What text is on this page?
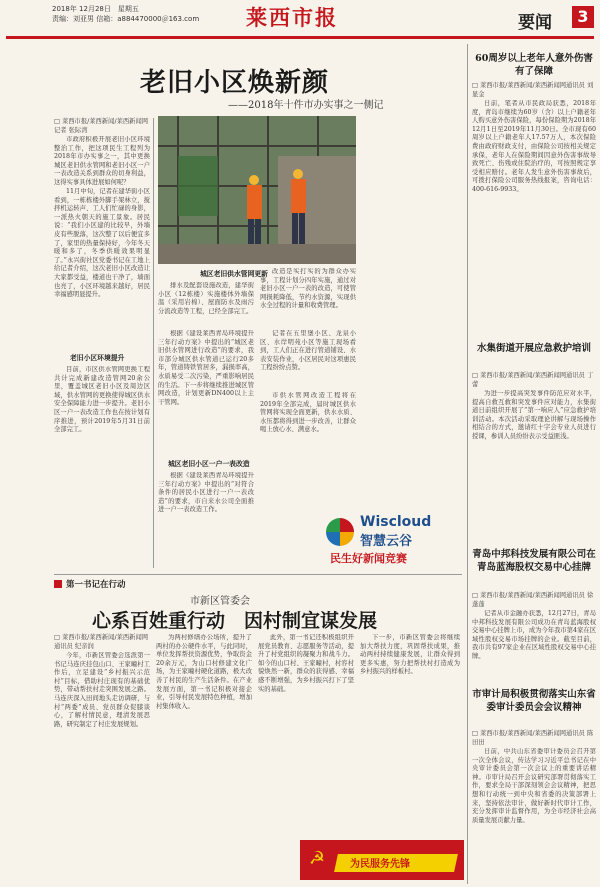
2018年 12月28日　星期五
责编：刘亚男 信箱：a884470000＠163.com 莱西市报	要闻	3
老旧小区焕新颜
——2018年十件市办实事之一侧记
□ 莱西市报/莱西新闻/莱西新闻网记者 张际湾

市政府积极开展老旧小区环境整治工作，把这项民生工程列为2018年市办实事之一，其中更换城区老旧供水管网和老旧小区一户一表改造关系到群众的切身利益，这得实事具体进展如何呢？

11月中旬，记者在建华街小区看到，一栋栋楼外脚手架林立，搅拌机运转声、工人们忙碌的身影，一派热火朝天的施工景象。居民说：“我们小区建的比较早，外墙皮有些脱落，这次整了以后便宜多了，家里的热量保持好，今年冬天暖和多了，冬季供暖效果明显了。”永兴街社区党委书记在工地上给记者介绍，这次老旧小区改造让大家都受益，楼道也干净了，墙面也亮了，小区环境越来越好，居民幸福感明显提升。

老旧小区环境提升

目前，市区供水管网更换工程共计完成新建改造管网20余公里，覆盖城区老旧小区及周边区域，供水管网的更换使得城区供水安全保障能力进一步提升。老旧小区一户一表改造工作也在按计划有序推进，预计2019年5月31日前全部完工。

城区老旧供水管网更新

排水及配套设施改造，建华街小区（12栋楼）实施楼体外墙保温（采用岩棉）、屋面防水及雨污分流改造等工程，已经全部完工。

根据《建设莱西青岛环境提升三年行动方案》中提出的“城区老旧供水管网进行改造”的要求，我市部分城区供水管道已运行20多年，管道铸铁管居多，漏损率高，水质易受二次污染，严重影响居民的生活。下一步将继续推进城区管网改造，计划更新DN400以上主干管网。

城区老旧小区一户一表改造

根据《建设莱西青岛环境提升三年行动方案》中提出的“对符合条件的居民小区进行一户一表改造”的要求，市自来水公司全面推进一户一表改造工作。

改造是实打实的为群众办实事，工程计划分四年实施，通过对老旧小区一户一表的改造，可使管网损耗降低，节约水资源，实现供水全过程的计量和收费管理。

记者在五里堡小区、龙泉小区、水岸明苑小区等施工现场看到，工人们正在进行管道铺设、水表安装作业，小区居民对这项惠民工程纷纷点赞。

市供水管网改造工程将在2019年全部完成，届时城区供水管网将实现全面更新，供水水质、水压都将得到进一步改善，让群众喝上放心水、满意水。

Wiscloud
智慧云谷
民生好新闻竞赛
60周岁以上老年人意外伤害有了保障
□ 莱西市报/莱西新闻/莱西新闻网通讯员 刘显金

日前，笔者从市民政局获悉，2018年度，青岛市继续为60岁（含）以上户籍老年人购买意外伤害保险，每份保险期为2018年12月1日至2019年11月30日。全市现有60周岁以上户籍老年人17.57万人，本次保险费由政府财政支付，由保险公司按相关规定承保，老年人在保险期间因意外伤害事故导致死亡、伤残或住院治疗的，可按照规定享受相应赔付。老年人发生意外伤害事故后，可拨打保险公司服务热线报案，咨询电话：400-616-9933。

水集街道开展应急救护培训
□ 莱西市报/莱西新闻/莱西新闻网通讯员 丁蕾

为进一步提高突发事件防范应对水平，提高自救互救和突发事件应对能力，水集街道日前组织开展了“第一响应人”应急救护培训活动。本次活动采取理论讲解与现场操作相结合的方式，邀请红十字会专业人员进行授课，参训人员纷纷表示受益匪浅。

青岛中邦科技发展有限公司在青岛蓝海股权交易中心挂牌
□ 莱西市报/莱西新闻/莱西新闻网通讯员 徐蓬蓬

记者从市金融办获悉，12月27日，青岛中邦科技发展有限公司成功在青岛蓝海股权交易中心挂牌上市，成为今年我市第4家在区域性股权交易市场挂牌的企业。截至目前，我市共有97家企业在区域性股权交易中心挂牌。

市审计局积极贯彻落实山东省委审计委员会会议精神
□ 莱西市报/莱西新闻/莱西新闻网通讯员 陈田田

日前，中共山东省委审计委员会召开第一次全体会议，传达学习习近平总书记在中央审计委员会第一次会议上的重要讲话精神。市审计局召开会议研究部署贯彻落实工作，要求全局干部深刻领会会议精神，把思想和行动统一到中央和省委的决策部署上来，坚持依法审计，做好新时代审计工作，充分发挥审计监督作用，为全市经济社会高质量发展贡献力量。

第一书记在行动
市新区管委会
心系百姓重行动　因村制宜谋发展
□ 莱西市报/莱西新闻/莱西新闻网通讯员 纪亲润

今年，市新区管委会选派第一书记马连庆挂包山口、王家疃村工作后，立足建设“乡村振兴示范村”目标，借助村庄现有的基础优势，带动帮扶村走突围发展之路。马连庆深入田间地头走访调研，与村“两委”成员、党员群众促膝谈心，了解村情民意，理清发展思路，研究制定了村庄发展规划。

为两村修缮办公场所，提升了两村的办公硬件水平，与此同时，单位发挥帮扶资源优势，争取资金20余万元，为山口村修建文化广场，为王家疃村硬化道路，极大改善了村民的生产生活条件。在产业发展方面，第一书记积极对接企业，引导村民发展特色种植，增加村集体收入。

此外，第一书记还积极组织开展党员教育、志愿服务等活动，提升了村党组织的凝聚力和战斗力。如今的山口村、王家疃村，村容村貌焕然一新，群众的获得感、幸福感不断增强，为乡村振兴打下了坚实的基础。

下一步，市新区管委会将继续加大帮扶力度，巩固帮扶成果，推动两村持续健康发展，让群众得到更多实惠，努力把帮扶村打造成为乡村振兴的样板村。

☭ 为民服务先锋
